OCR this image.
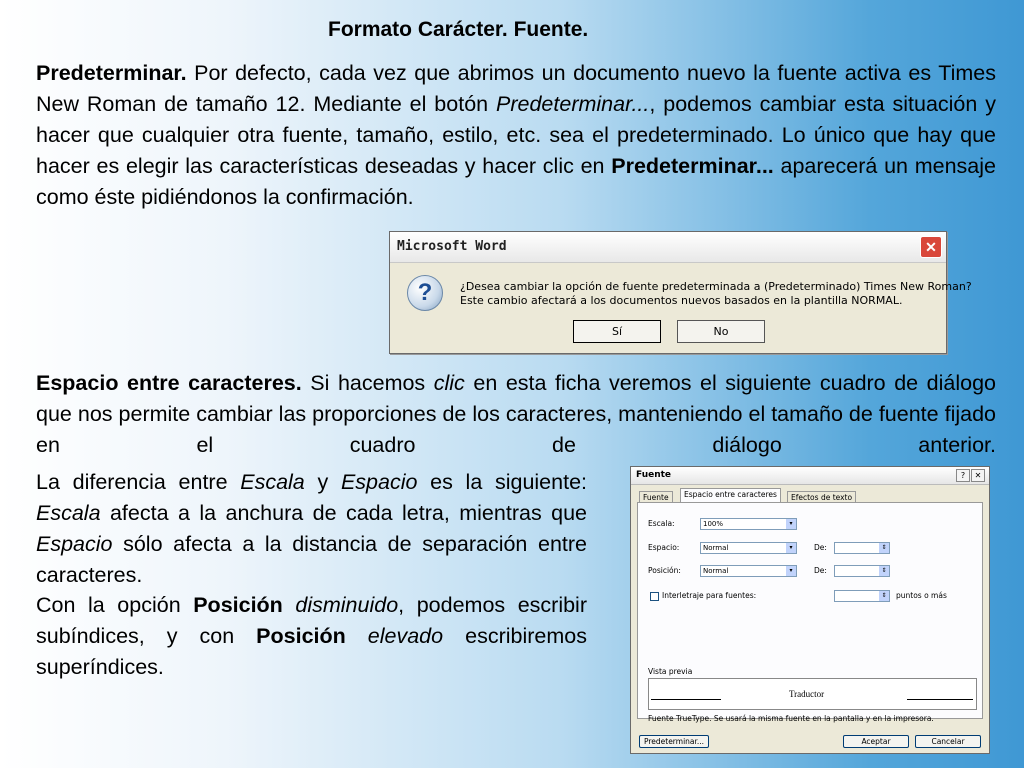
Formato Carácter. Fuente.
Predeterminar. Por defecto, cada vez que abrimos un documento nuevo la fuente activa es Times New Roman de tamaño 12. Mediante el botón Predeterminar..., podemos cambiar esta situación y hacer que cualquier otra fuente, tamaño, estilo, etc. sea el predeterminado. Lo único que hay que hacer es elegir las características deseadas y hacer clic en Predeterminar... aparecerá un mensaje como éste pidiéndonos la confirmación.
Microsoft Word	✕
?	¿Desea cambiar la opción de fuente predeterminada a (Predeterminado) Times New Roman?
Este cambio afectará a los documentos nuevos basados en la plantilla NORMAL.
Sí	No
Espacio entre caracteres. Si hacemos clic en esta ficha veremos el siguiente cuadro de diálogo que nos permite cambiar las proporciones de los caracteres, manteniendo el tamaño de fuente fijado en el cuadro de diálogo anterior.
La diferencia entre Escala y Espacio es la siguiente: Escala afecta a la anchura de cada letra, mientras que Espacio sólo afecta a la distancia de separación entre caracteres.
Con la opción Posición disminuido, podemos escribir subíndices, y con Posición elevado escribiremos superíndices.
Fuente	?	✕
Fuente	Espacio entre caracteres	Efectos de texto
Escala:	100%	▾
Espacio:	Normal	▾	De:	⇕
Posición:	Normal	▾	De:	⇕
Interletraje para fuentes:	⇕	puntos o más
Vista previa
Traductor
Fuente TrueType. Se usará la misma fuente en la pantalla y en la impresora.
Predeterminar...	Aceptar	Cancelar
